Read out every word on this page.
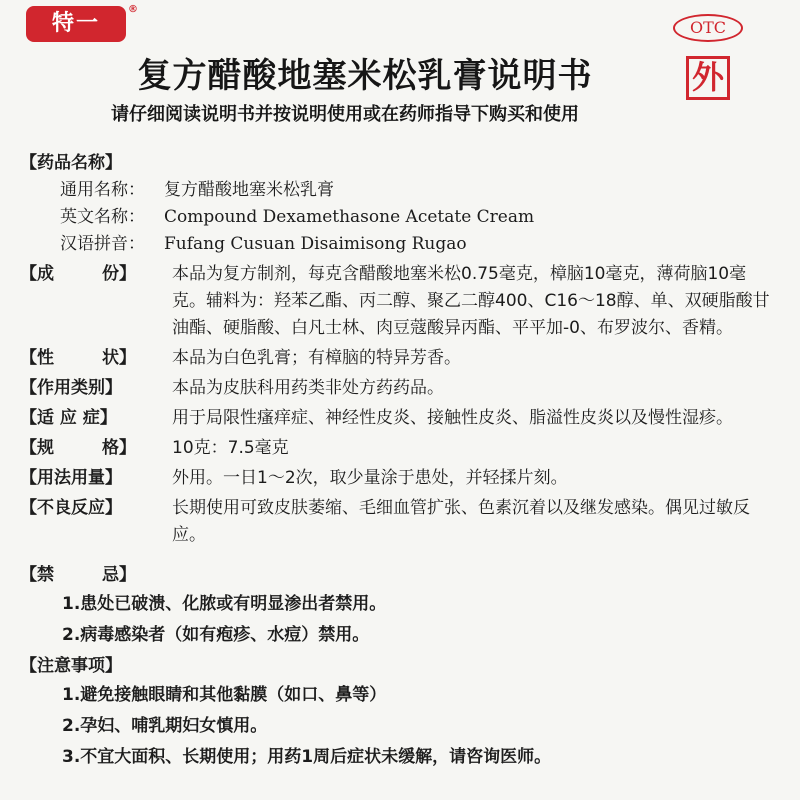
特一
®
OTC
外
复方醋酸地塞米松乳膏说明书
请仔细阅读说明书并按说明使用或在药师指导下购买和使用
【药品名称】
通用名称： 复方醋酸地塞米松乳膏
英文名称： Compound Dexamethasone Acetate Cream
汉语拼音： Fufang Cusuan Disaimisong Rugao
【成	份】 本品为复方制剂，每克含醋酸地塞米松0.75毫克，樟脑10毫克，薄荷脑10毫克。辅料为：羟苯乙酯、丙二醇、聚乙二醇400、C16～18醇、单、双硬脂酸甘油酯、硬脂酸、白凡士林、肉豆蔻酸异丙酯、平平加-0、布罗波尔、香精。
【性	状】 本品为白色乳膏；有樟脑的特异芳香。
【作用类别】	本品为皮肤科用药类非处方药药品。
【适 应 症】	用于局限性瘙痒症、神经性皮炎、接触性皮炎、脂溢性皮炎以及慢性湿疹。
【规	格】 10克：7.5毫克
【用法用量】	外用。一日1～2次，取少量涂于患处，并轻揉片刻。
【不良反应】	长期使用可致皮肤萎缩、毛细血管扩张、色素沉着以及继发感染。偶见过敏反应。
【禁	忌】
1.患处已破溃、化脓或有明显渗出者禁用。
2.病毒感染者（如有疱疹、水痘）禁用。
【注意事项】
1.避免接触眼睛和其他黏膜（如口、鼻等）
2.孕妇、哺乳期妇女慎用。
3.不宜大面积、长期使用；用药1周后症状未缓解，请咨询医师。
